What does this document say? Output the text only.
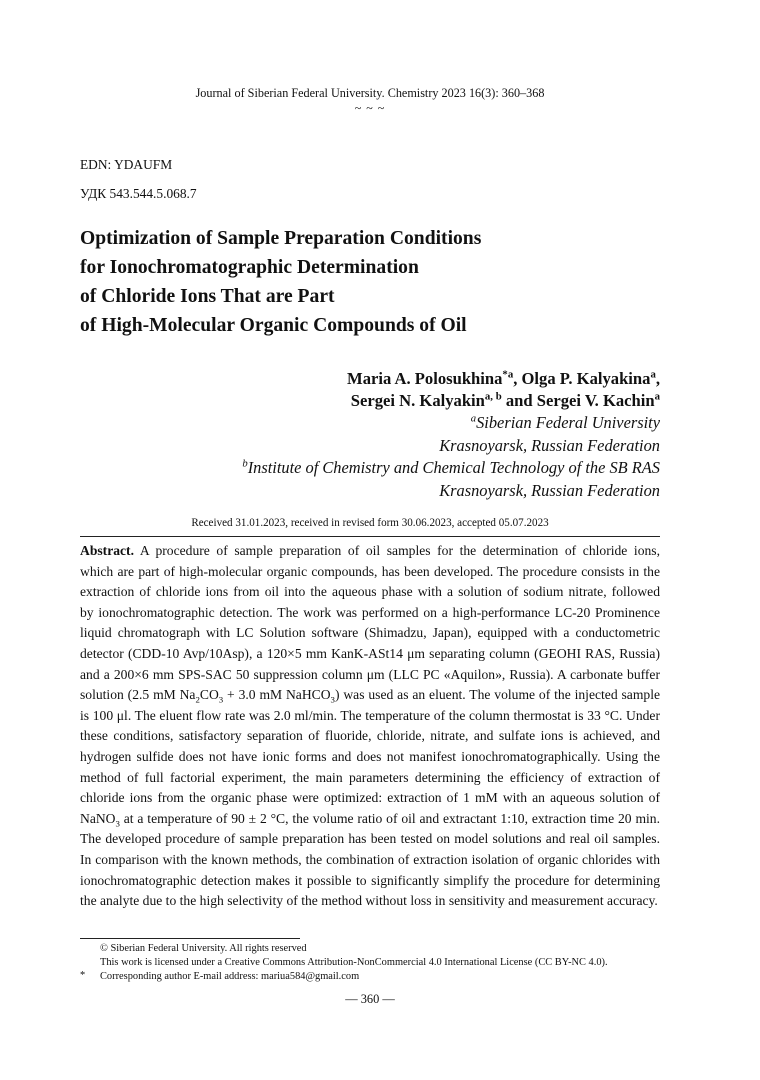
Journal of Siberian Federal University. Chemistry 2023 16(3): 360–368
~ ~ ~
EDN: YDAUFM
УДК 543.544.5.068.7
Optimization of Sample Preparation Conditions
for Ionochromatographic Determination
of Chloride Ions That are Part
of High-Molecular Organic Compounds of Oil
Maria A. Polosukhina$^{*a}$, Olga P. Kalyakina$^a$,
Sergei N. Kalyakin$^{a, b}$ and Sergei V. Kachin$^a$
$^a$Siberian Federal University
Krasnoyarsk, Russian Federation
$^b$Institute of Chemistry and Chemical Technology of the SB RAS
Krasnoyarsk, Russian Federation
Received 31.01.2023, received in revised form 30.06.2023, accepted 05.07.2023
Abstract. A procedure of sample preparation of oil samples for the determination of chloride ions,
which are part of high-molecular organic compounds, has been developed. The procedure consists in the
extraction of chloride ions from oil into the aqueous phase with a solution of sodium nitrate, followed
by ionochromatographic detection. The work was performed on a high-performance LC-20 Prominence
liquid chromatograph with LC Solution software (Shimadzu, Japan), equipped with a conductometric
detector (CDD-10 Avp/10Asp), a 120×5 mm KanK-ASt14 μm separating column (GEOHI RAS, Russia)
and a 200×6 mm SPS-SAC 50 suppression column μm (LLC PC «Aquilon», Russia). A carbonate buffer
solution (2.5 mM $Na_2CO_3 + 3.0$ mM NaHCO$_3$) was used as an eluent. The volume of the injected sample
is 100 μl. The eluent flow rate was 2.0 ml/min. The temperature of the column thermostat is 33 °C. Under
these conditions, satisfactory separation of fluoride, chloride, nitrate, and sulfate ions is achieved, and
hydrogen sulfide does not have ionic forms and does not manifest ionochromatographically. Using the
method of full factorial experiment, the main parameters determining the efficiency of extraction of
chloride ions from the organic phase were optimized: extraction of 1 mM with an aqueous solution of
NaNO$_3$ at a temperature of 90 ± 2 °C, the volume ratio of oil and extractant 1:10, extraction time 20 min.
The developed procedure of sample preparation has been tested on model solutions and real oil samples.
In comparison with the known methods, the combination of extraction isolation of organic chlorides with
ionochromatographic detection makes it possible to significantly simplify the procedure for determining
the analyte due to the high selectivity of the method without loss in sensitivity and measurement accuracy.
© Siberian Federal University. All rights reserved
This work is licensed under a Creative Commons Attribution-NonCommercial 4.0 International License (CC BY-NC 4.0).
* Corresponding author E-mail address: mariua584@gmail.com
— 360 —
